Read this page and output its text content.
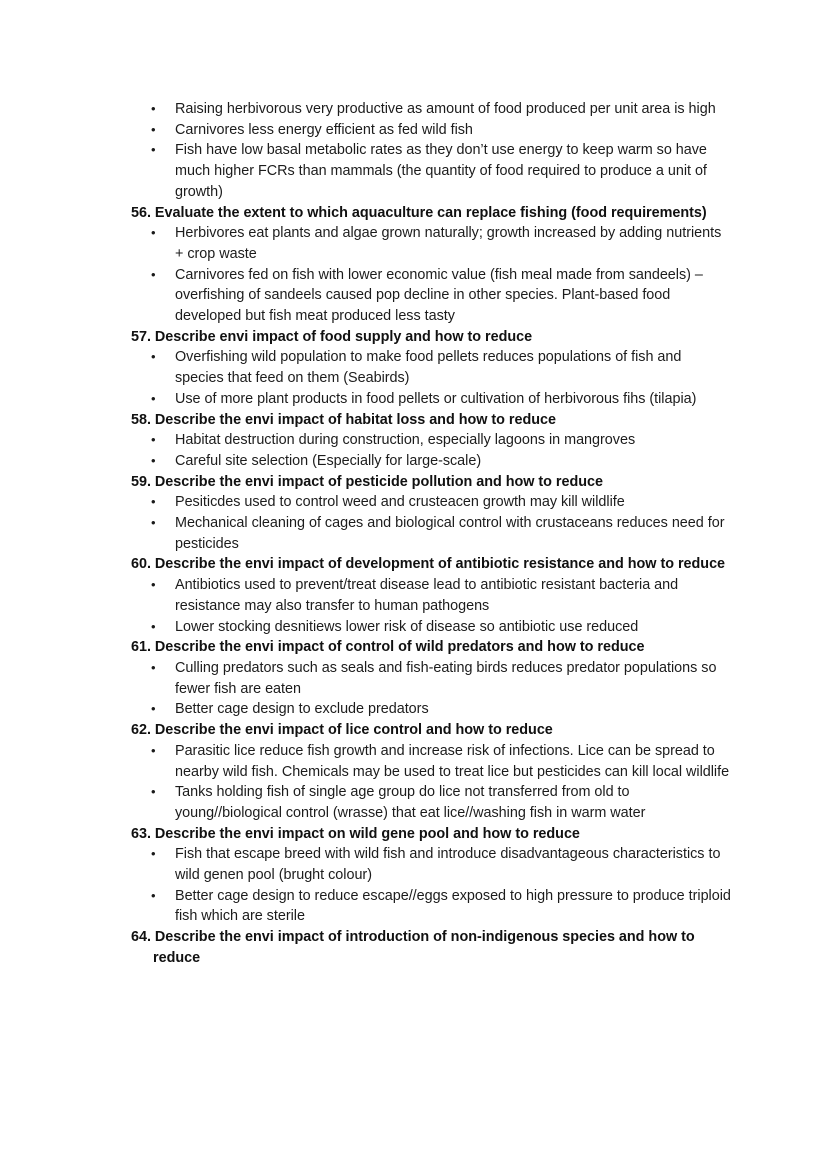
• Raising herbivorous very productive as amount of food produced per unit area is high
• Carnivores less energy efficient as fed wild fish
• Fish have low basal metabolic rates as they don’t use energy to keep warm so have much higher FCRs than mammals (the quantity of food required to produce a unit of growth)
56. Evaluate the extent to which aquaculture can replace fishing (food requirements)
• Herbivores eat plants and algae grown naturally; growth increased by adding nutrients + crop waste
• Carnivores fed on fish with lower economic value (fish meal made from sandeels) – overfishing of sandeels caused pop decline in other species. Plant-based food developed but fish meat produced less tasty
57. Describe envi impact of food supply and how to reduce
• Overfishing wild population to make food pellets reduces populations of fish and species that feed on them (Seabirds)
• Use of more plant products in food pellets or cultivation of herbivorous fihs (tilapia)
58. Describe the envi impact of habitat loss and how to reduce
• Habitat destruction during construction, especially lagoons in mangroves
• Careful site selection (Especially for large-scale)
59. Describe the envi impact of pesticide pollution and how to reduce
• Pesiticdes used to control weed and crusteacen growth may kill wildlife
• Mechanical cleaning of cages and biological control with crustaceans reduces need for pesticides
60. Describe the envi impact of development of antibiotic resistance and how to reduce
• Antibiotics used to prevent/treat disease lead to antibiotic resistant bacteria and resistance may also transfer to human pathogens
• Lower stocking desnitiews lower risk of disease so antibiotic use reduced
61. Describe the envi impact of control of wild predators and how to reduce
• Culling predators such as seals and fish-eating birds reduces predator populations so fewer fish are eaten
• Better cage design to exclude predators
62. Describe the envi impact of lice control and how to reduce
• Parasitic lice reduce fish growth and increase risk of infections. Lice can be spread to nearby wild fish. Chemicals may be used to treat lice but pesticides can kill local wildlife
• Tanks holding fish of single age group do lice not transferred from old to young//biological control (wrasse) that eat lice//washing fish in warm water
63. Describe the envi impact on wild gene pool and how to reduce
• Fish that escape breed with wild fish and introduce disadvantageous characteristics to wild genen pool (brught colour)
• Better cage design to reduce escape//eggs exposed to high pressure to produce triploid fish which are sterile
64. Describe the envi impact of introduction of non-indigenous species and how to reduce
